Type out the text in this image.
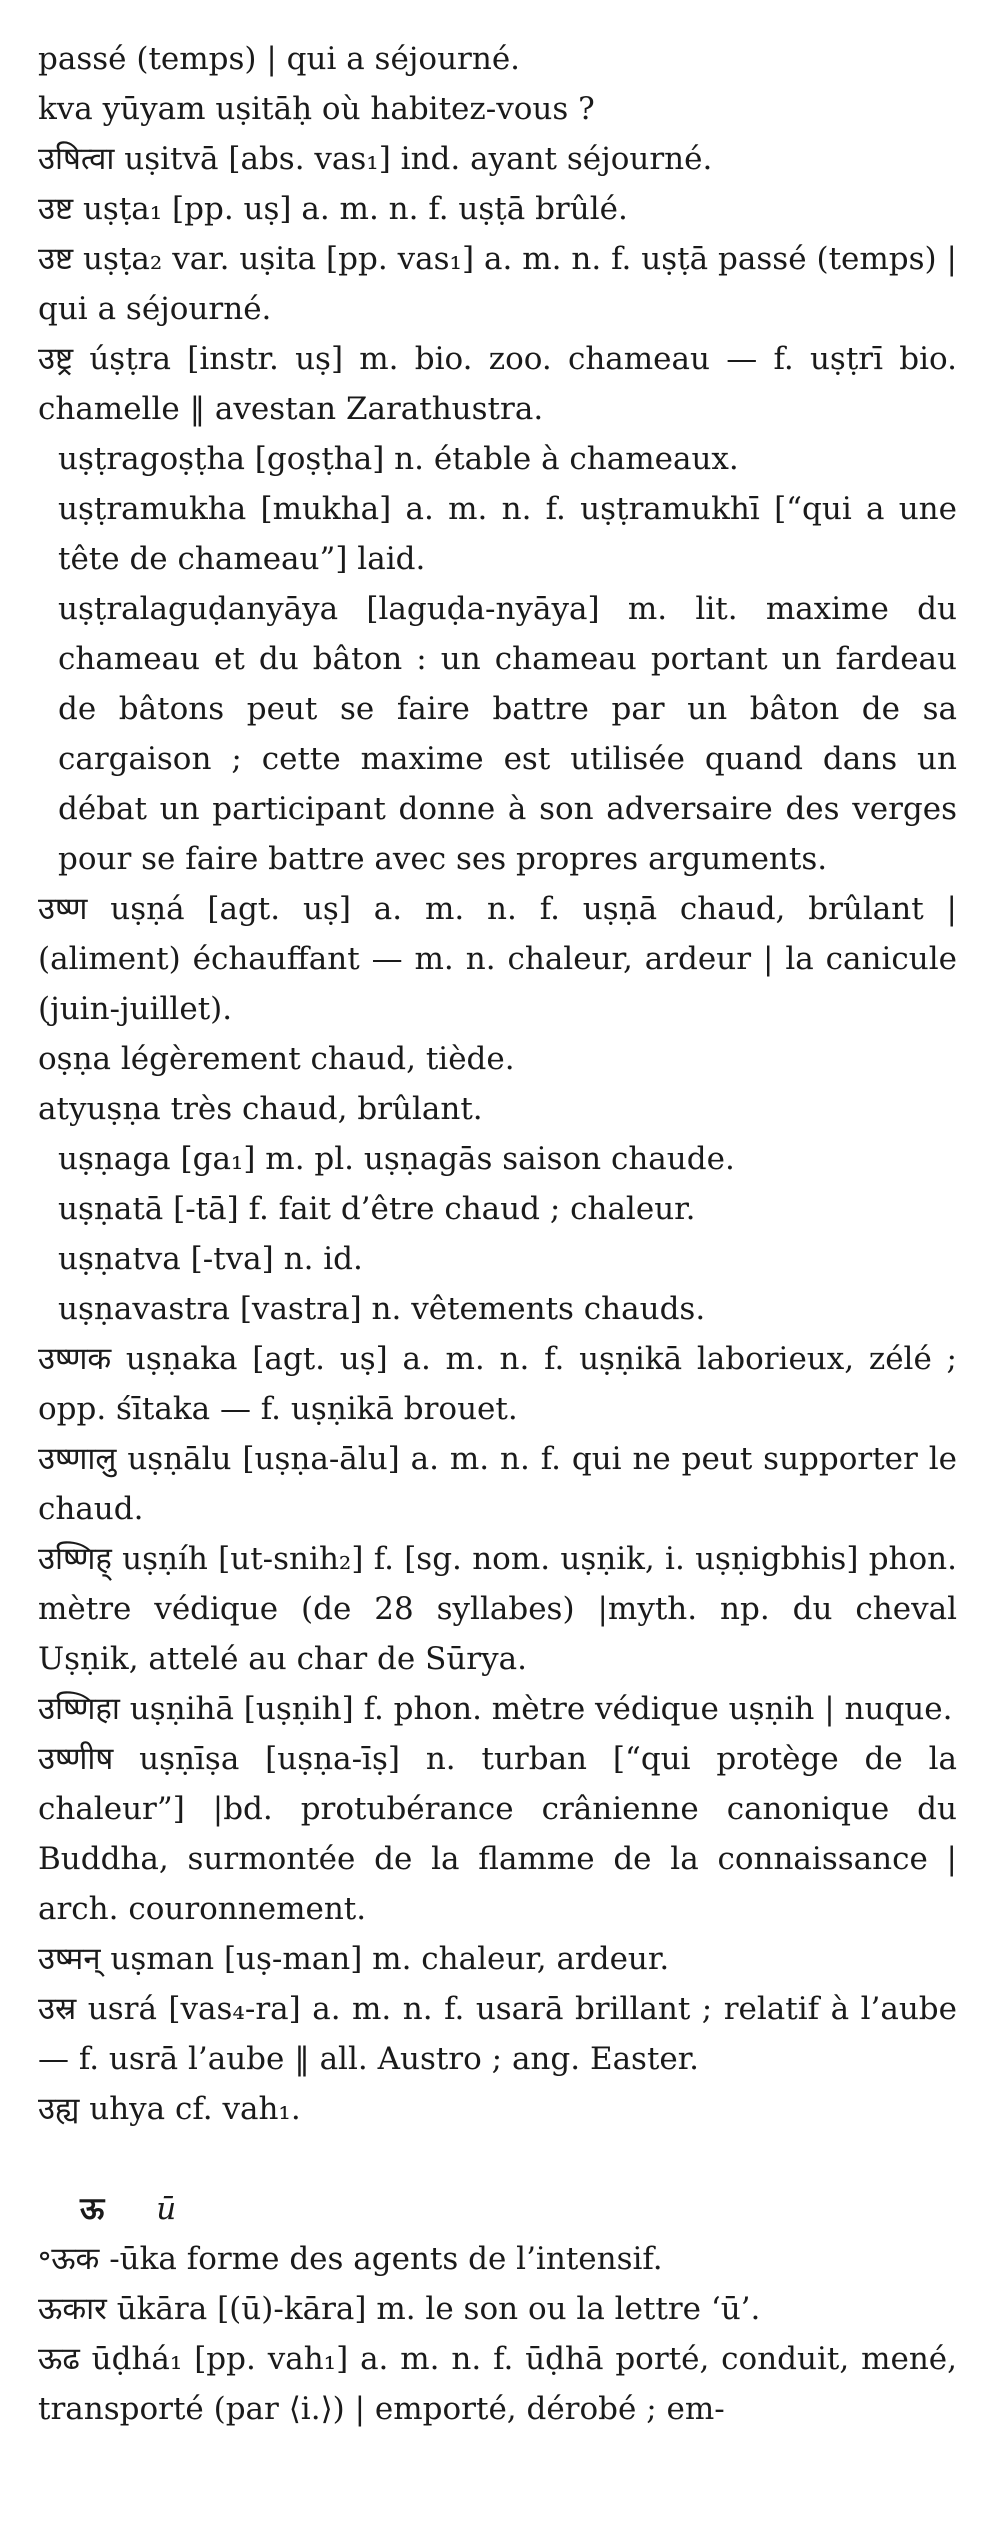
passé (temps) | qui a séjourné.

kva yūyam uṣitāḥ où habitez-vous ?

उषित्वा uṣitvā [abs. vas₁] ind. ayant séjourné.

उष्ट uṣṭa₁ [pp. uṣ] a. m. n. f. uṣṭā brûlé.

उष्ट uṣṭa₂ var. uṣita [pp. vas₁] a. m. n. f. uṣṭā passé (temps) | qui a séjourné.

उष्ट्र úṣṭra [instr. uṣ] m. bio. zoo. chameau — f. uṣṭrī bio. chamelle ‖ avestan Zarathustra.

uṣṭragoṣṭha [goṣṭha] n. étable à chameaux.

uṣṭramukha [mukha] a. m. n. f. uṣṭramukhī [“qui a une tête de chameau”] laid.

uṣṭralaguḍanyāya [laguḍa-nyāya] m. lit. maxime du chameau et du bâton : un chameau portant un fardeau de bâtons peut se faire battre par un bâton de sa cargaison ; cette maxime est utilisée quand dans un débat un participant donne à son adversaire des verges pour se faire battre avec ses propres arguments.

उष्ण uṣṇá [agt. uṣ] a. m. n. f. uṣṇā chaud, brûlant | (aliment) échauffant — m. n. chaleur, ardeur | la canicule (juin-juillet).

oṣṇa légèrement chaud, tiède.

atyuṣṇa très chaud, brûlant.

uṣṇaga [ga₁] m. pl. uṣṇagās saison chaude.

uṣṇatā [-tā] f. fait d’être chaud ; chaleur.

uṣṇatva [-tva] n. id.

uṣṇavastra [vastra] n. vêtements chauds.

उष्णक uṣṇaka [agt. uṣ] a. m. n. f. uṣṇikā laborieux, zélé ; opp. śītaka — f. uṣṇikā brouet.

उष्णालु uṣṇālu [uṣṇa-ālu] a. m. n. f. qui ne peut supporter le chaud.

उष्णिह् uṣṇíh [ut-snih₂] f. [sg. nom. uṣṇik, i. uṣṇigbhis] phon. mètre védique (de 28 syllabes) |myth. np. du cheval Uṣṇik, attelé au char de Sūrya.

उष्णिहा uṣṇihā [uṣṇih] f. phon. mètre védique uṣṇih | nuque.

उष्णीष uṣṇīṣa [uṣṇa-īṣ] n. turban [“qui protège de la chaleur”] |bd. protubérance crânienne canonique du Buddha, surmontée de la flamme de la connaissance | arch. couronnement.

उष्मन् uṣman [uṣ-man] m. chaleur, ardeur.

उस्र usrá [vas₄-ra] a. m. n. f. usarā brillant ; relatif à l’aube — f. usrā l’aube ‖ all. Austro ; ang. Easter.

उह्य uhya cf. vah₁.

ऊ ū

॰ऊक -ūka forme des agents de l’intensif.

ऊकार ūkāra [(ū)-kāra] m. le son ou la lettre ‘ū’.

ऊढ ūḍhá₁ [pp. vah₁] a. m. n. f. ūḍhā porté, conduit, mené, transporté (par ⟨i.⟩) | emporté, dérobé ; em-
